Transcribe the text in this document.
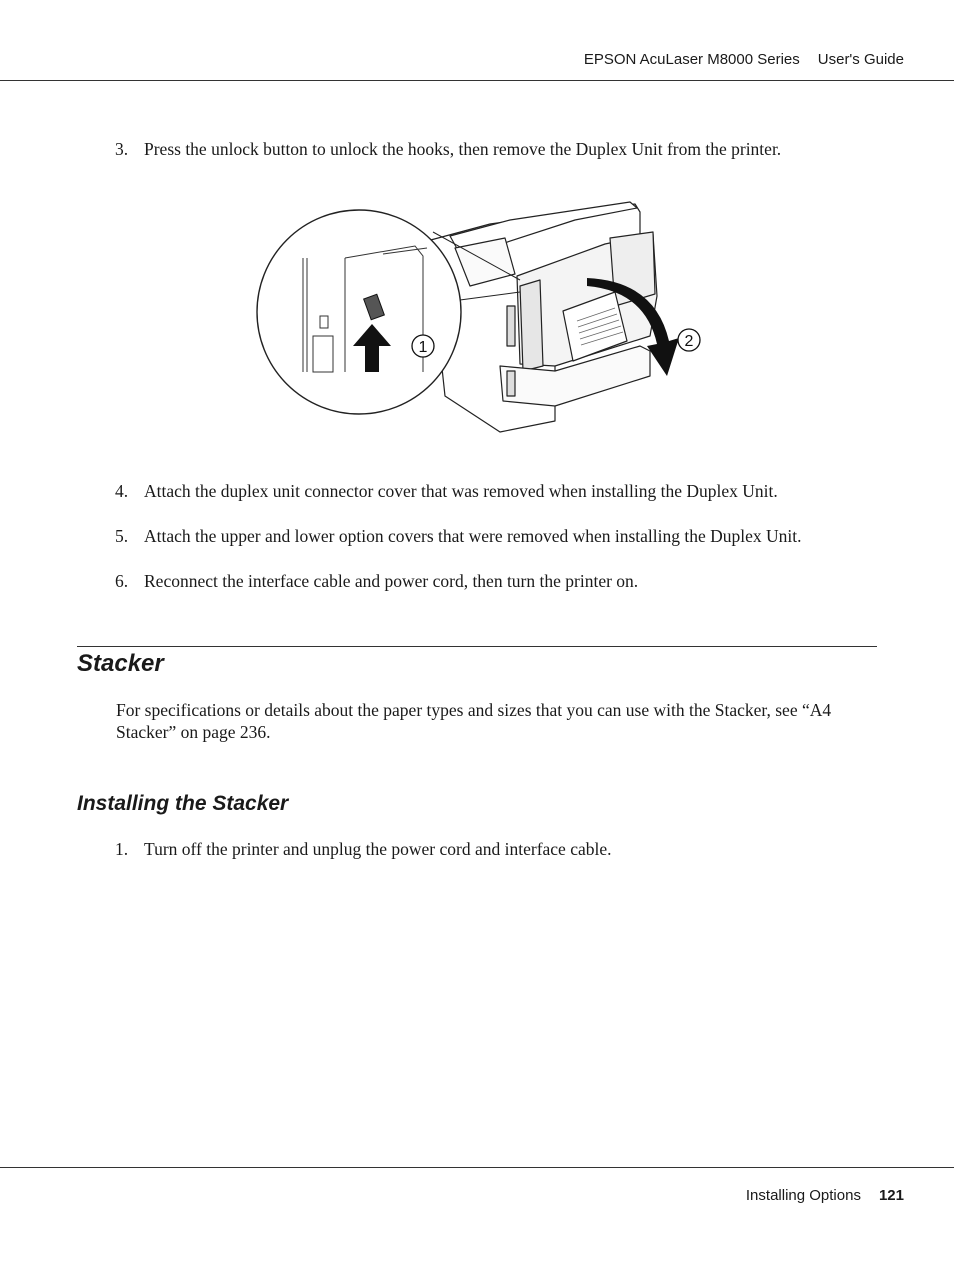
EPSON AcuLaser M8000 Series User's Guide
3. Press the unlock button to unlock the hooks, then remove the Duplex Unit from the printer.
2
1
4. Attach the duplex unit connector cover that was removed when installing the Duplex Unit.
5. Attach the upper and lower option covers that were removed when installing the Duplex Unit.
6. Reconnect the interface cable and power cord, then turn the printer on.
Stacker

For specifications or details about the paper types and sizes that you can use with the Stacker, see “A4 Stacker” on page 236.

Installing the Stacker
1. Turn off the printer and unplug the power cord and interface cable.
Installing Options 121
